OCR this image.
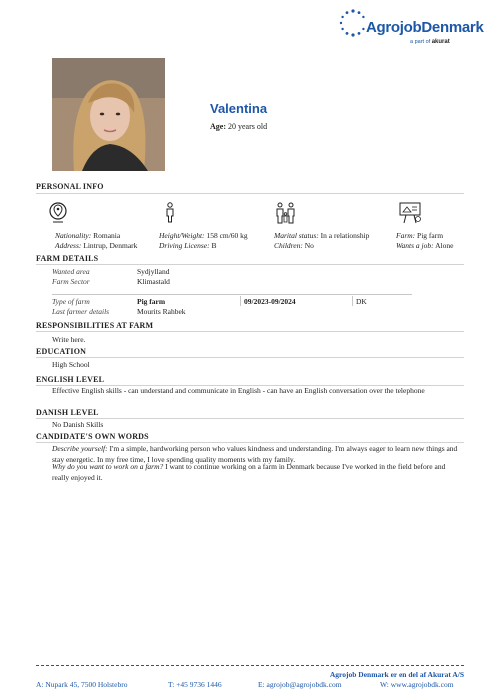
AgrojobDenmark
a part of akurat
Valentina
Age: 20 years old
PERSONAL INFO
Nationality: Romania
Address: Lintrup, Denmark
Height/Weight: 158 cm/60 kg
Driving License: B
Marital status: In a relationship
Children: No
Farm: Pig farm
Wants a job: Alone
FARM DETAILS
Wanted area	Sydjylland
Farm Sector	Klimastald
Type of farm	Pig farm	09/2023-09/2024	DK
Last farmer details	Mourits Rahbek
RESPONSIBILITIES AT FARM
Write here.
EDUCATION
High School
ENGLISH LEVEL
Effective English skills - can understand and communicate in English - can have an English conversation over the telephone
DANISH LEVEL
No Danish Skills
CANDIDATE'S OWN WORDS
Describe yourself: I'm a simple, hardworking person who values kindness and understanding. I'm always eager to learn new things and stay energetic. In my free time, I love spending quality moments with my family.
Why do you want to work on a farm? I want to continue working on a farm in Denmark because I've worked in the field before and really enjoyed it.
Agrojob Denmark er en del af Akurat A/S
A: Nupark 45, 7500 Holstebro	T: +45 9736 1446	E: agrojob@agrojobdk.com	W: www.agrojobdk.com
